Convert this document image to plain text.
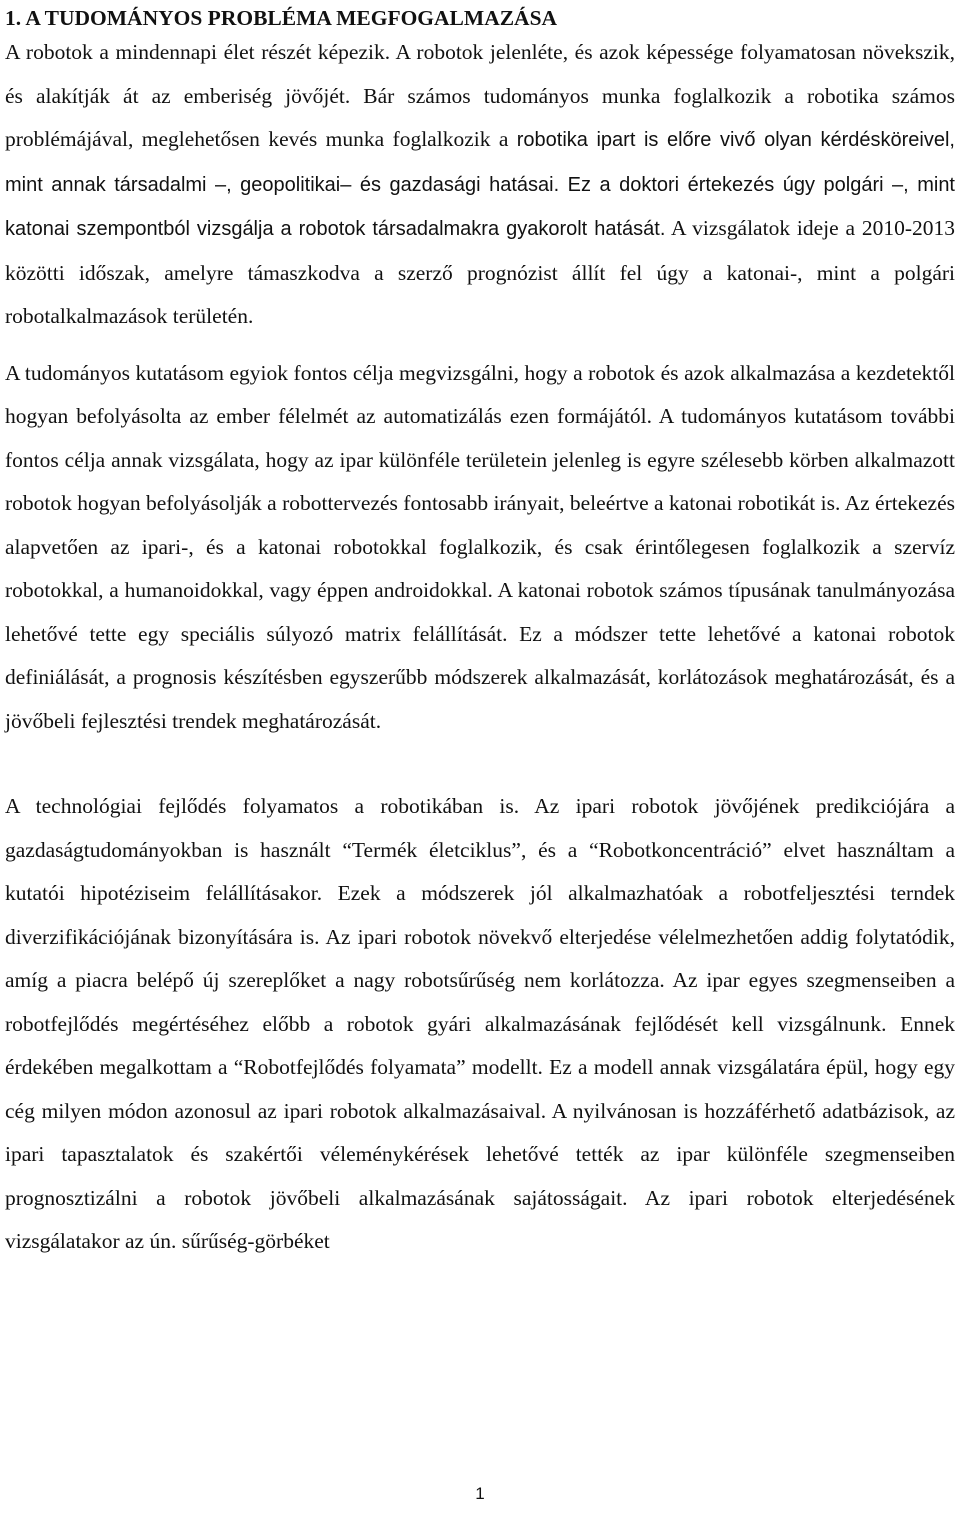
1. A TUDOMÁNYOS PROBLÉMA MEGFOGALMAZÁSA

A robotok a mindennapi élet részét képezik. A robotok jelenléte, és azok képessége folyamatosan növekszik, és alakítják át az emberiség jövőjét. Bár számos tudományos munka foglalkozik a robotika számos problémájával, meglehetősen kevés munka foglalkozik a robotika ipart is előre vivő olyan kérdésköreivel, mint annak társadalmi –, geopolitikai– és gazdasági hatásai. Ez a doktori értekezés úgy polgári –, mint katonai szempontból vizsgálja a robotok társadalmakra gyakorolt hatását. A vizsgálatok ideje a 2010-2013 közötti időszak, amelyre támaszkodva a szerző prognózist állít fel úgy a katonai-, mint a polgári robotalkalmazások területén.

A tudományos kutatásom egyiok fontos célja megvizsgálni, hogy a robotok és azok alkalmazása a kezdetektől hogyan befolyásolta az ember félelmét az automatizálás ezen formájától. A tudományos kutatásom további fontos célja annak vizsgálata, hogy az ipar különféle területein jelenleg is egyre szélesebb körben alkalmazott robotok hogyan befolyásolják a robottervezés fontosabb irányait, beleértve a katonai robotikát is. Az értekezés alapvetően az ipari-, és a katonai robotokkal foglalkozik, és csak érintőlegesen foglalkozik a szervíz robotokkal, a humanoidokkal, vagy éppen androidokkal. A katonai robotok számos típusának tanulmányozása lehetővé tette egy speciális súlyozó matrix felállítását. Ez a módszer tette lehetővé a katonai robotok definiálását, a prognosis készítésben egyszerűbb módszerek alkalmazását, korlátozások meghatározását, és a jövőbeli fejlesztési trendek meghatározását.

A technológiai fejlődés folyamatos a robotikában is. Az ipari robotok jövőjének predikciójára a gazdaságtudományokban is használt “Termék életciklus”, és a “Robotkoncentráció” elvet használtam a kutatói hipotéziseim felállításakor. Ezek a módszerek jól alkalmazhatóak a robotfeljesztési terndek diverzifikációjának bizonyítására is. Az ipari robotok növekvő elterjedése vélelmezhetően addig folytatódik, amíg a piacra belépő új szereplőket a nagy robotsűrűség nem korlátozza. Az ipar egyes szegmenseiben a robotfejlődés megértéséhez előbb a robotok gyári alkalmazásának fejlődését kell vizsgálnunk. Ennek érdekében megalkottam a “Robotfejlődés folyamata” modellt. Ez a modell annak vizsgálatára épül, hogy egy cég milyen módon azonosul az ipari robotok alkalmazásaival. A nyilvánosan is hozzáférhető adatbázisok, az ipari tapasztalatok és szakértői véleménykérések lehetővé tették az ipar különféle szegmenseiben prognosztizálni a robotok jövőbeli alkalmazásának sajátosságait. Az ipari robotok elterjedésének vizsgálatakor az ún. sűrűség-görbéket

1
